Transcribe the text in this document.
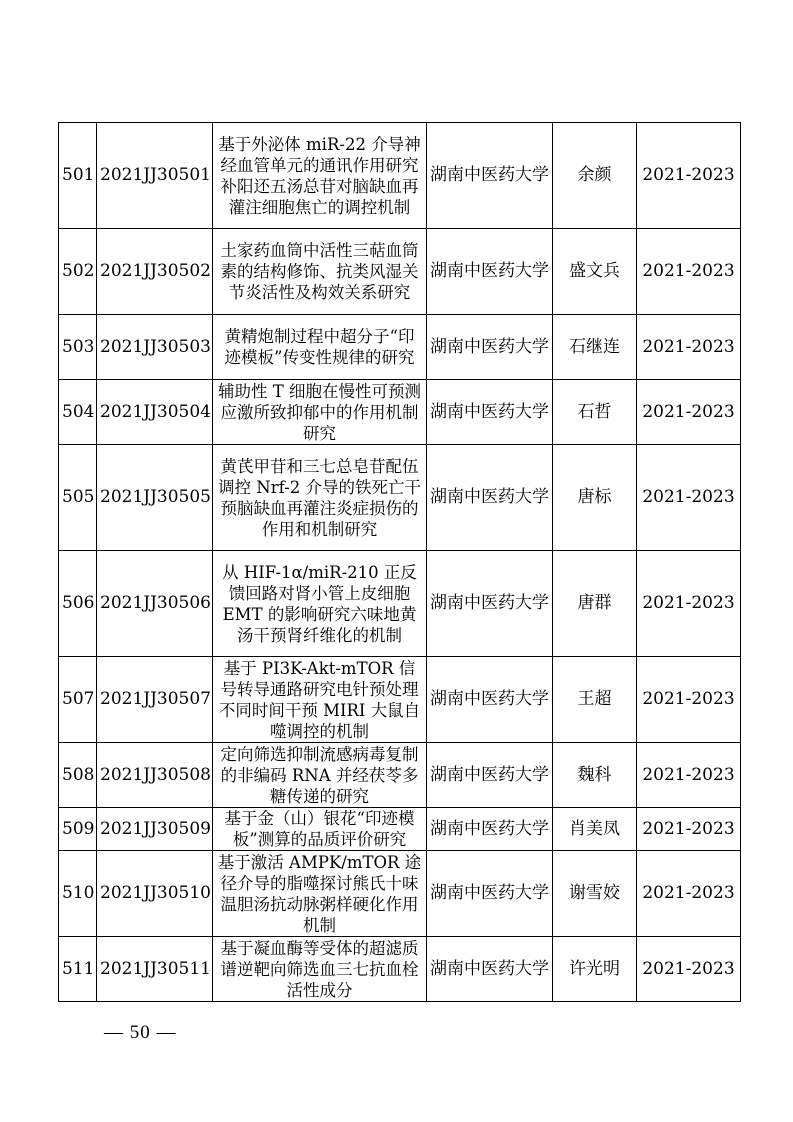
501	2021JJ30501	基于外泌体 miR-22 介导神经血管单元的通讯作用研究补阳还五汤总苷对脑缺血再灌注细胞焦亡的调控机制	湖南中医药大学	余颜	2021-2023
502	2021JJ30502	土家药血筒中活性三萜血筒素的结构修饰、抗类风湿关节炎活性及构效关系研究	湖南中医药大学	盛文兵	2021-2023
503	2021JJ30503	黄精炮制过程中超分子“印迹模板”传变性规律的研究	湖南中医药大学	石继连	2021-2023
504	2021JJ30504	辅助性 T 细胞在慢性可预测应激所致抑郁中的作用机制研究	湖南中医药大学	石哲	2021-2023
505	2021JJ30505	黄芪甲苷和三七总皂苷配伍调控 Nrf-2 介导的铁死亡干预脑缺血再灌注炎症损伤的作用和机制研究	湖南中医药大学	唐标	2021-2023
506	2021JJ30506	从 HIF-1α/miR-210 正反馈回路对肾小管上皮细胞 EMT 的影响研究六味地黄汤干预肾纤维化的机制	湖南中医药大学	唐群	2021-2023
507	2021JJ30507	基于 PI3K-Akt-mTOR 信号转导通路研究电针预处理不同时间干预 MIRI 大鼠自噬调控的机制	湖南中医药大学	王超	2021-2023
508	2021JJ30508	定向筛选抑制流感病毒复制的非编码 RNA 并经茯苓多糖传递的研究	湖南中医药大学	魏科	2021-2023
509	2021JJ30509	基于金（山）银花“印迹模板”测算的品质评价研究	湖南中医药大学	肖美凤	2021-2023
510	2021JJ30510	基于激活 AMPK/mTOR 途径介导的脂噬探讨熊氏十味温胆汤抗动脉粥样硬化作用机制	湖南中医药大学	谢雪姣	2021-2023
511	2021JJ30511	基于凝血酶等受体的超滤质谱逆靶向筛选血三七抗血栓活性成分	湖南中医药大学	许光明	2021-2023
— 50 —
